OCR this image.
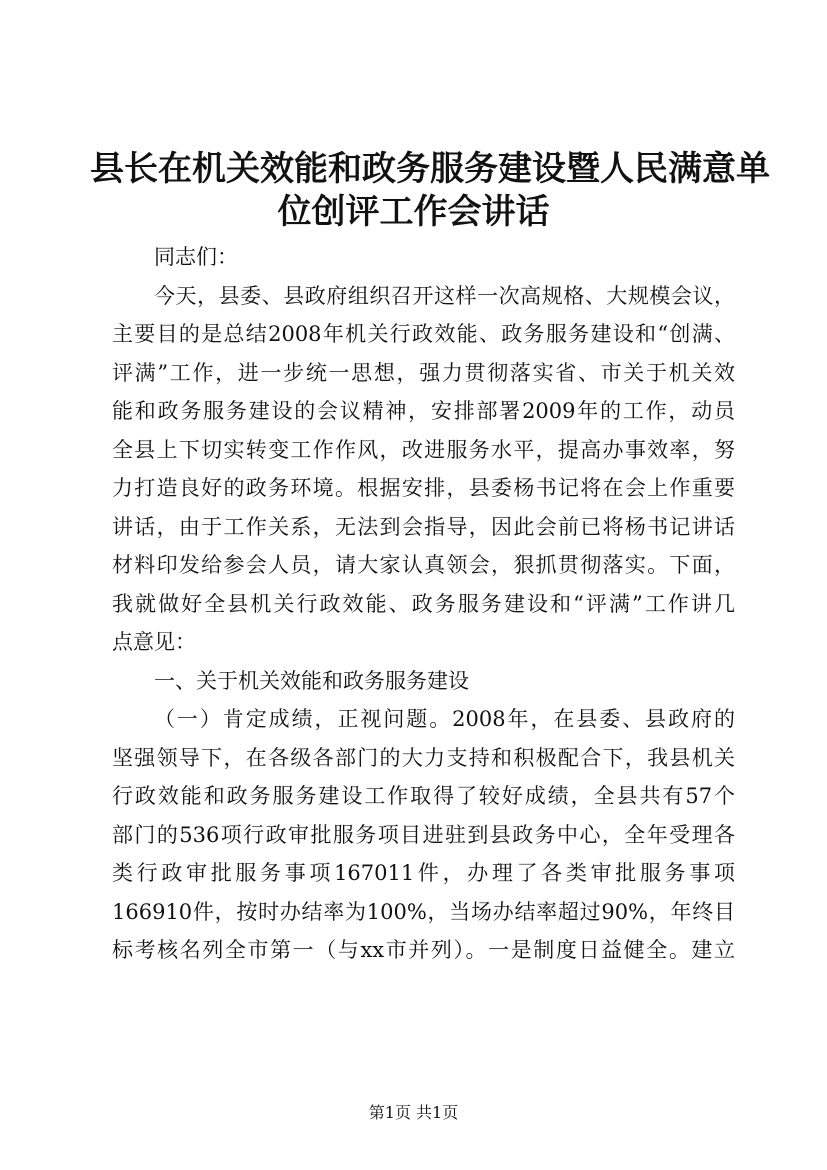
县长在机关效能和政务服务建设暨人民满意单
位创评工作会讲话
同志们：
今天，县委、县政府组织召开这样一次高规格、大规模会议，
主要目的是总结2008年机关行政效能、政务服务建设和“创满、
评满”工作，进一步统一思想，强力贯彻落实省、市关于机关效
能和政务服务建设的会议精神，安排部署2009年的工作，动员
全县上下切实转变工作作风，改进服务水平，提高办事效率，努
力打造良好的政务环境。根据安排，县委杨书记将在会上作重要
讲话，由于工作关系，无法到会指导，因此会前已将杨书记讲话
材料印发给参会人员，请大家认真领会，狠抓贯彻落实。下面，
我就做好全县机关行政效能、政务服务建设和“评满”工作讲几
点意见：
一、关于机关效能和政务服务建设
（一）肯定成绩，正视问题。2008年，在县委、县政府的
坚强领导下，在各级各部门的大力支持和积极配合下，我县机关
行政效能和政务服务建设工作取得了较好成绩，全县共有57个
部门的536项行政审批服务项目进驻到县政务中心，全年受理各
类行政审批服务事项167011件，办理了各类审批服务事项
166910件，按时办结率为100%，当场办结率超过90%，年终目
标考核名列全市第一（与xx市并列）。一是制度日益健全。建立
第1页 共1页
